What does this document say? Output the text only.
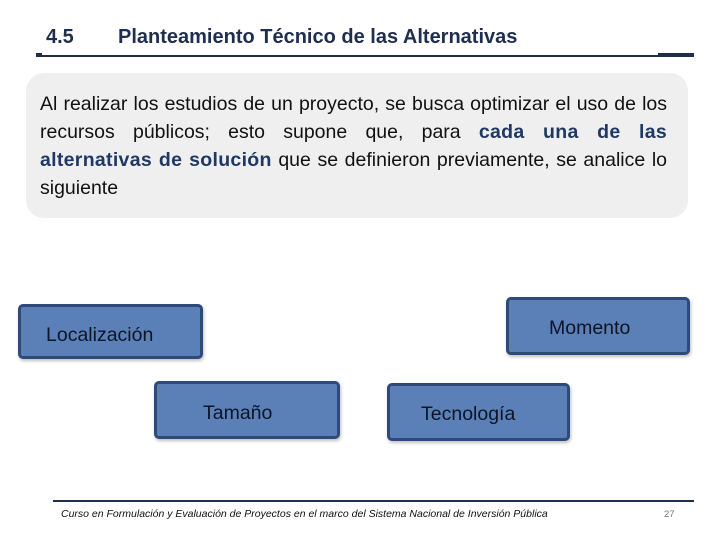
4.5 Planteamiento Técnico de las Alternativas
Al realizar los estudios de un proyecto, se busca optimizar el uso de los recursos públicos; esto supone que, para cada una de las alternativas de solución que se definieron previamente, se analice lo siguiente
Localización	Momento
Tamaño	Tecnología
Curso en Formulación y Evaluación de Proyectos en el marco del Sistema Nacional de Inversión Pública	27
